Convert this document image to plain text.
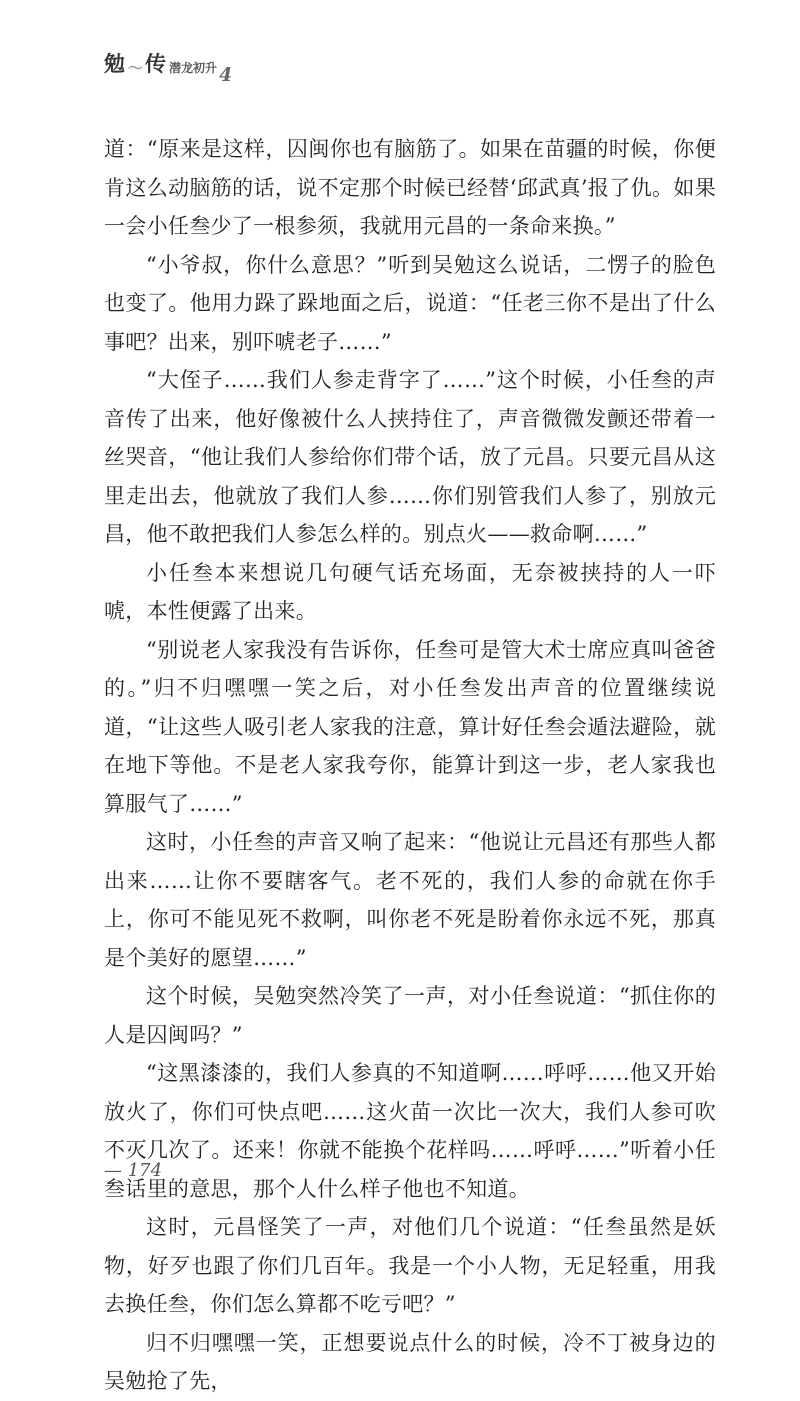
勉 〜 传 潜龙初升 4

道：“原来是这样，囚闽你也有脑筋了。如果在苗疆的时候，你便肯这么动脑筋的话，说不定那个时候已经替‘邱武真’报了仇。如果一会小任叁少了一根参须，我就用元昌的一条命来换。”

“小爷叔，你什么意思？”听到吴勉这么说话，二愣子的脸色也变了。他用力跺了跺地面之后，说道：“任老三你不是出了什么事吧？出来，别吓唬老子……”

“大侄子……我们人参走背字了……”这个时候，小任叁的声音传了出来，他好像被什么人挟持住了，声音微微发颤还带着一丝哭音，“他让我们人参给你们带个话，放了元昌。只要元昌从这里走出去，他就放了我们人参……你们别管我们人参了，别放元昌，他不敢把我们人参怎么样的。别点火——救命啊……”

小任叁本来想说几句硬气话充场面，无奈被挟持的人一吓唬，本性便露了出来。

“别说老人家我没有告诉你，任叁可是管大术士席应真叫爸爸的。”归不归嘿嘿一笑之后，对小任叁发出声音的位置继续说道，“让这些人吸引老人家我的注意，算计好任叁会遁法避险，就在地下等他。不是老人家我夸你，能算计到这一步，老人家我也算服气了……”

这时，小任叁的声音又响了起来：“他说让元昌还有那些人都出来……让你不要瞎客气。老不死的，我们人参的命就在你手上，你可不能见死不救啊，叫你老不死是盼着你永远不死，那真是个美好的愿望……”

这个时候，吴勉突然冷笑了一声，对小任叁说道：“抓住你的人是囚闽吗？”

“这黑漆漆的，我们人参真的不知道啊……呼呼……他又开始放火了，你们可快点吧……这火苗一次比一次大，我们人参可吹不灭几次了。还来！你就不能换个花样吗……呼呼……”听着小任叁话里的意思，那个人什么样子他也不知道。

这时，元昌怪笑了一声，对他们几个说道：“任叁虽然是妖物，好歹也跟了你们几百年。我是一个小人物，无足轻重，用我去换任叁，你们怎么算都不吃亏吧？”

归不归嘿嘿一笑，正想要说点什么的时候，冷不丁被身边的吴勉抢了先，

— 174
